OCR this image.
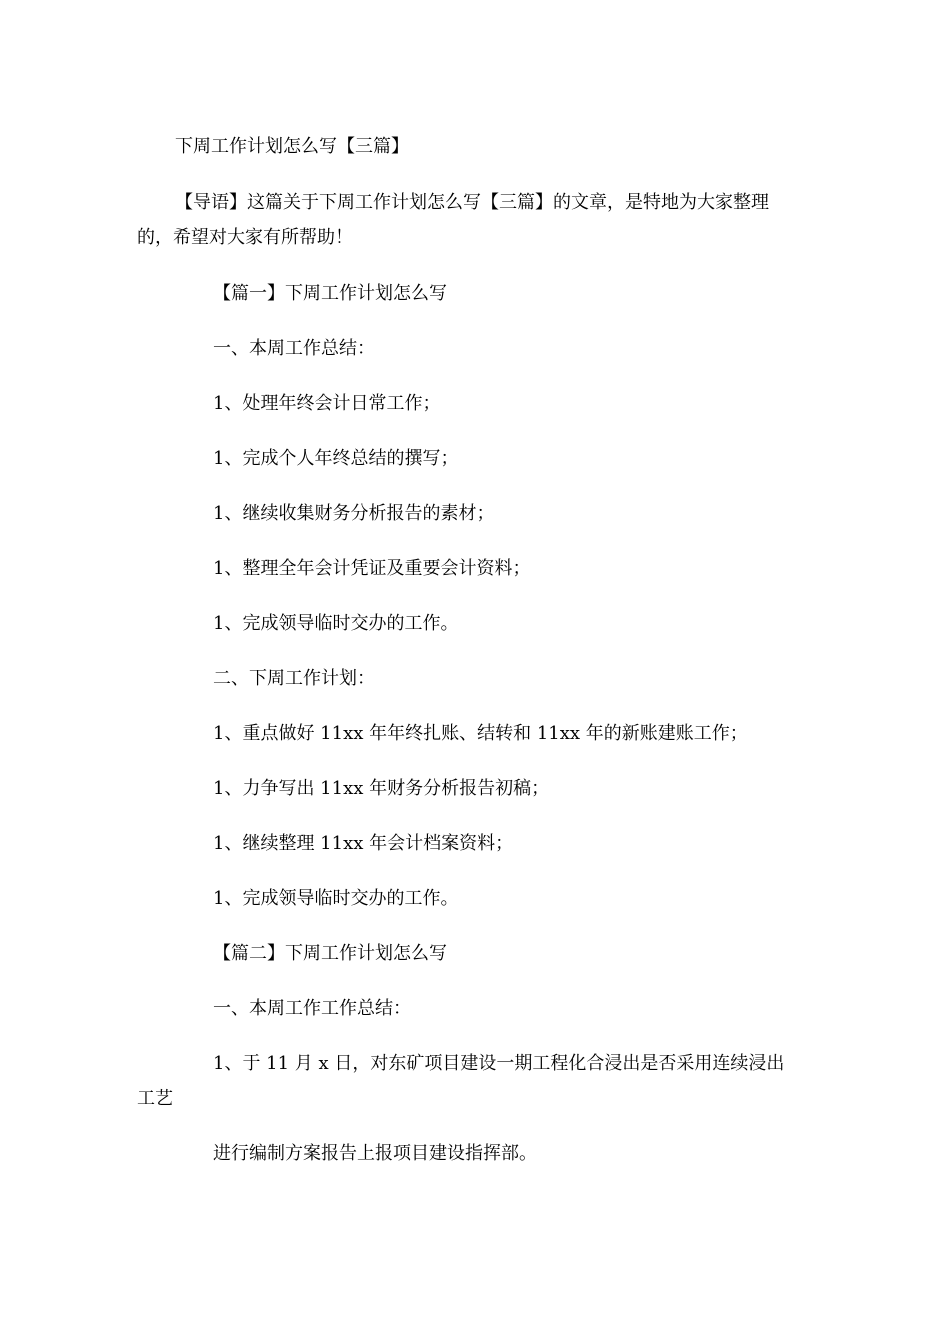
下周工作计划怎么写【三篇】

【导语】这篇关于下周工作计划怎么写【三篇】的文章，是特地为大家整理

的，希望对大家有所帮助！

【篇一】下周工作计划怎么写

一、本周工作总结：

1、处理年终会计日常工作；

1、完成个人年终总结的撰写；

1、继续收集财务分析报告的素材；

1、整理全年会计凭证及重要会计资料；

1、完成领导临时交办的工作。

二、下周工作计划：

1、重点做好 11xx 年年终扎账、结转和 11xx 年的新账建账工作；

1、力争写出 11xx 年财务分析报告初稿；

1、继续整理 11xx 年会计档案资料；

1、完成领导临时交办的工作。

【篇二】下周工作计划怎么写

一、本周工作工作总结：

1、于 11 月 x 日，对东矿项目建设一期工程化合浸出是否采用连续浸出

工艺

进行编制方案报告上报项目建设指挥部。
